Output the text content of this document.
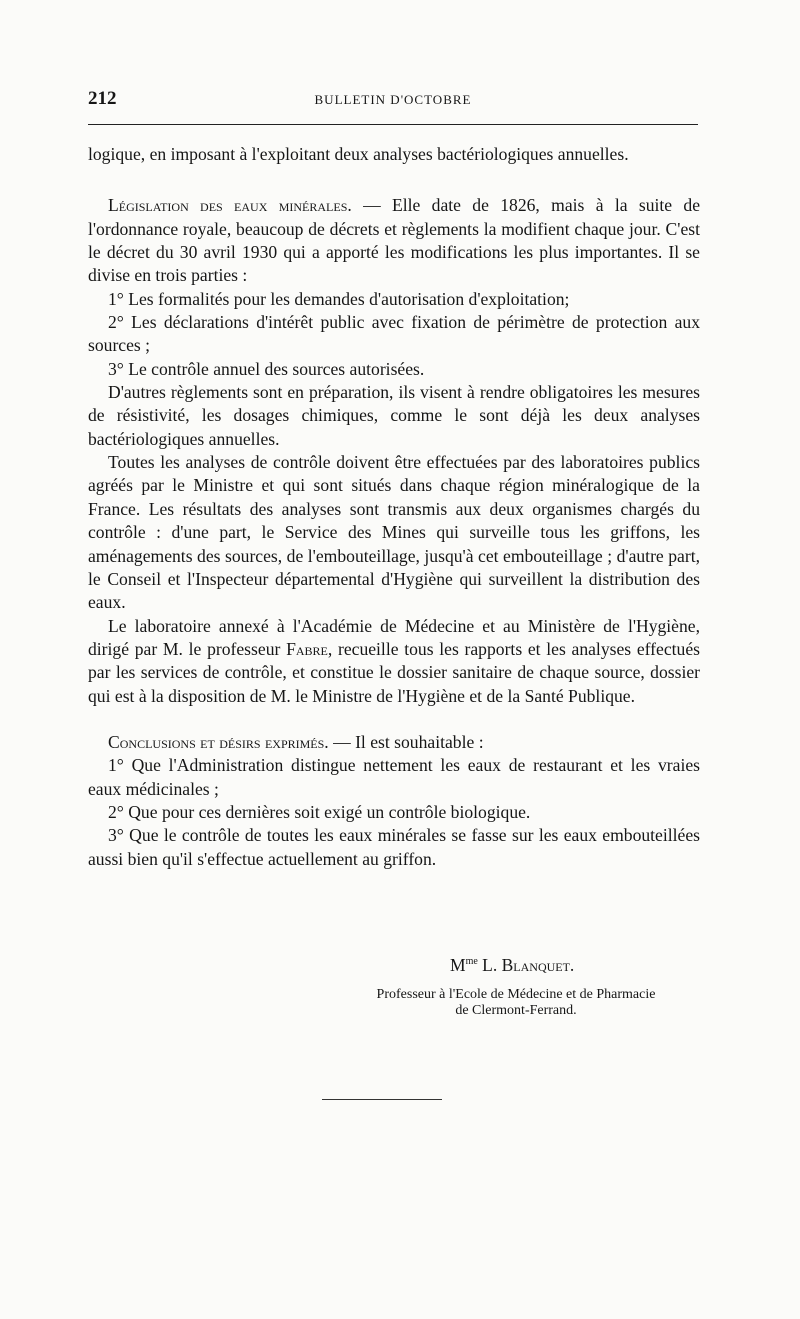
212	BULLETIN D'OCTOBRE

logique, en imposant à l'exploitant deux analyses bactériologiques annuelles.

Législation des eaux minérales. — Elle date de 1826, mais à la suite de l'ordonnance royale, beaucoup de décrets et règlements la modifient chaque jour. C'est le décret du 30 avril 1930 qui a apporté les modifications les plus importantes. Il se divise en trois parties :

1° Les formalités pour les demandes d'autorisation d'exploitation;

2° Les déclarations d'intérêt public avec fixation de périmètre de protection aux sources ;

3° Le contrôle annuel des sources autorisées.

D'autres règlements sont en préparation, ils visent à rendre obligatoires les mesures de résistivité, les dosages chimiques, comme le sont déjà les deux analyses bactériologiques annuelles.

Toutes les analyses de contrôle doivent être effectuées par des laboratoires publics agréés par le Ministre et qui sont situés dans chaque région minéralogique de la France. Les résultats des analyses sont transmis aux deux organismes chargés du contrôle : d'une part, le Service des Mines qui surveille tous les griffons, les aménagements des sources, de l'embouteillage, jusqu'à cet embouteillage ; d'autre part, le Conseil et l'Inspecteur départemental d'Hygiène qui surveillent la distribution des eaux.

Le laboratoire annexé à l'Académie de Médecine et au Ministère de l'Hygiène, dirigé par M. le professeur Fabre, recueille tous les rapports et les analyses effectués par les services de contrôle, et constitue le dossier sanitaire de chaque source, dossier qui est à la disposition de M. le Ministre de l'Hygiène et de la Santé Publique.

Conclusions et désirs exprimés. — Il est souhaitable :

1° Que l'Administration distingue nettement les eaux de restaurant et les vraies eaux médicinales ;

2° Que pour ces dernières soit exigé un contrôle biologique.

3° Que le contrôle de toutes les eaux minérales se fasse sur les eaux embouteillées aussi bien qu'il s'effectue actuellement au griffon.

$M^{me}$ L. Blanquet.
Professeur à l'Ecole de Médecine et de Pharmacie
de Clermont-Ferrand.
